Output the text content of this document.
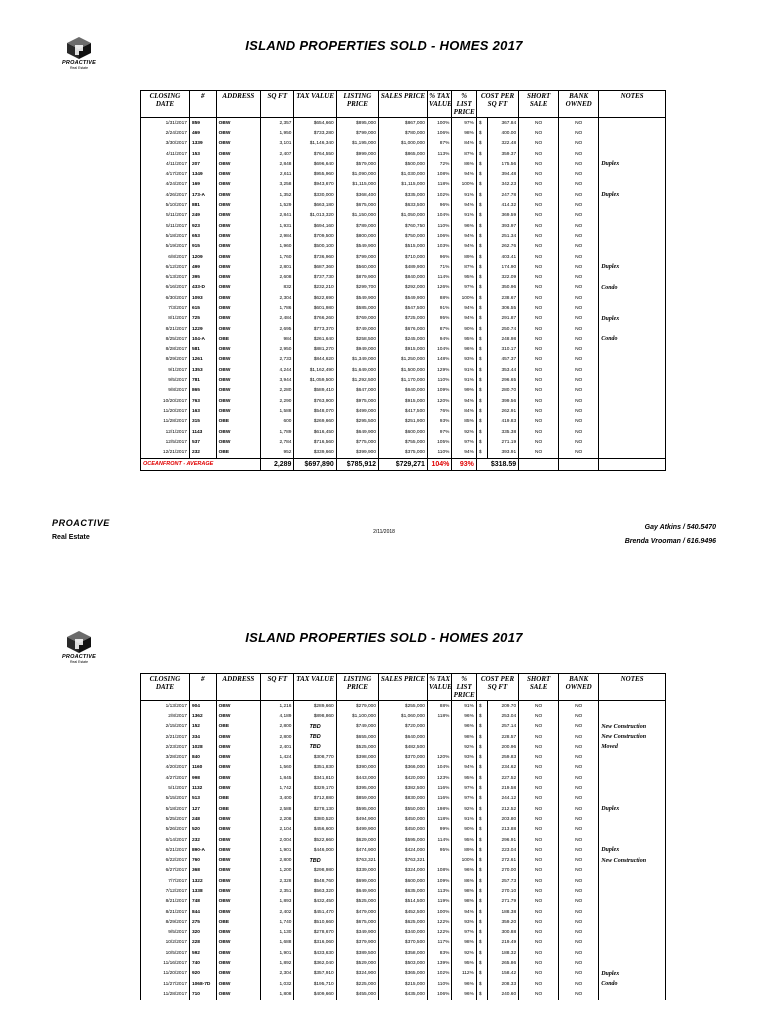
PROACTIVE
Real Estate
ISLAND PROPERTIES SOLD - HOMES 2017
CLOSING DATE	#	ADDRESS	SQ FT	TAX VALUE	LISTING PRICE	SALES PRICE	% TAX VALUE	% LIST PRICE	COST PER SQ FT		SHORT SALE	BANK OWNED	NOTES
1/31/2017	859	OBW	2,357	$654,660	$895,000	$867,000	100%	97%	$	367.84	NO	NO	
2/24/2017	469	OBW	1,950	$733,280	$799,000	$780,000	106%	98%	$	400.00	NO	NO	
3/30/2017	1339	OBW	3,101	$1,146,340	$1,195,000	$1,000,000	87%	84%	$	322.48	NO	NO	
4/11/2017	153	OBW	2,407	$764,550	$999,000	$865,000	113%	87%	$	359.37	NO	NO	
4/11/2017	207	OBW	2,848	$696,640	$579,000	$500,000	72%	86%	$	175.56	NO	NO	Duplex
4/17/2017	1349	OBW	2,611	$955,960	$1,090,000	$1,030,000	108%	94%	$	394.48	NO	NO	
4/24/2017	169	OBW	3,258	$943,670	$1,115,000	$1,115,000	118%	100%	$	342.23	NO	NO	
4/26/2017	173-A	OBW	1,352	$330,000	$368,400	$335,000	102%	91%	$	247.78	NO	NO	Duplex
5/10/2017	881	OBW	1,529	$663,180	$675,000	$633,500	96%	94%	$	414.32	NO	NO	
5/11/2017	249	OBW	2,841	$1,013,320	$1,150,000	$1,050,000	104%	91%	$	369.59	NO	NO	
5/11/2017	923	OBW	1,931	$694,160	$789,000	$760,750	110%	96%	$	393.97	NO	NO	
5/18/2017	653	OBW	2,984	$709,500	$800,000	$750,000	106%	94%	$	251.34	NO	NO	
5/19/2017	915	OBW	1,960	$500,100	$549,900	$515,000	103%	94%	$	262.76	NO	NO	
6/8/2017	1209	OBW	1,760	$736,960	$799,000	$710,000	96%	89%	$	403.41	NO	NO	
6/12/2017	499	OBW	2,801	$687,360	$560,000	$489,900	71%	87%	$	174.90	NO	NO	Duplex
6/13/2017	395	OBW	2,608	$737,730	$879,900	$840,000	114%	95%	$	322.09	NO	NO	
6/16/2017	433-D	OBW	832	$232,210	$299,700	$292,000	126%	97%	$	350.96	NO	NO	Condo
6/30/2017	1093	OBW	2,304	$622,690	$549,900	$549,900	88%	100%	$	238.67	NO	NO	
7/3/2017	615	OBW	1,786	$601,980	$585,000	$547,500	91%	94%	$	306.55	NO	NO	
8/1/2017	725	OBW	2,484	$766,260	$769,000	$725,000	95%	94%	$	291.87	NO	NO	Duplex
8/21/2017	1229	OBW	2,695	$773,370	$749,000	$676,000	87%	90%	$	250.74	NO	NO	
8/25/2017	104-A	OBE	984	$261,640	$258,500	$245,000	94%	95%	$	248.98	NO	NO	Condo
8/28/2017	581	OBW	2,950	$881,270	$949,000	$915,000	104%	96%	$	310.17	NO	NO	
8/29/2017	1261	OBW	2,733	$844,620	$1,349,000	$1,250,000	148%	93%	$	457.37	NO	NO	
9/1/2017	1353	OBW	4,244	$1,162,490	$1,649,000	$1,500,000	129%	91%	$	353.44	NO	NO	
9/5/2017	781	OBW	3,944	$1,059,500	$1,292,500	$1,170,000	110%	91%	$	296.65	NO	NO	
9/8/2017	865	OBW	2,280	$589,410	$647,000	$640,000	109%	99%	$	280.70	NO	NO	
10/20/2017	763	OBW	2,290	$763,900	$975,000	$915,000	120%	94%	$	399.56	NO	NO	
11/20/2017	163	OBW	1,588	$548,070	$499,000	$417,500	76%	84%	$	262.91	NO	NO	
11/28/2017	315	OBE	600	$269,660	$295,500	$251,900	93%	85%	$	419.83	NO	NO	
12/1/2017	1143	OBW	1,789	$616,450	$649,900	$600,000	97%	92%	$	335.38	NO	NO	
12/5/2017	537	OBW	2,784	$716,560	$775,000	$755,000	105%	97%	$	271.19	NO	NO	
12/21/2017	232	OBE	952	$339,660	$399,900	$375,000	110%	94%	$	393.91	NO	NO	
OCEANFRONT - AVERAGE			2,289	$697,890	$785,912	$729,271	104%	93%	$318.59				
PROACTIVE
Real Estate
2/11/2018
Gay Atkins / 540.5470
Brenda Vrooman / 616.9496
PROACTIVE
Real Estate
ISLAND PROPERTIES SOLD - HOMES 2017
CLOSING DATE	#	ADDRESS	SQ FT	TAX VALUE	LISTING PRICE	SALES PRICE	% TAX VALUE	% LIST PRICE	COST PER SQ FT		SHORT SALE	BANK OWNED	NOTES
1/13/2017	904	OBW	1,216	$289,660	$279,000	$255,000	88%	91%	$	209.70	NO	NO	
2/8/2017	1362	OBW	4,189	$898,860	$1,100,000	$1,060,000	118%	96%	$	253.04	NO	NO	
2/15/2017	152	OBE	2,800	TBD	$749,000	$720,000		96%	$	257.14	NO	NO	New Construction
2/21/2017	334	OBW	2,800	TBD	$655,000	$640,000		98%	$	228.57	NO	NO	New Construction
2/23/2017	1028	OBW	2,401	TBD	$525,000	$482,500		92%	$	200.96	NO	NO	Moved
3/28/2017	840	OBW	1,424	$308,770	$398,000	$370,000	120%	93%	$	259.83	NO	NO	
4/20/2017	1160	OBW	1,560	$351,830	$390,000	$366,000	104%	94%	$	234.62	NO	NO	
4/27/2017	998	OBW	1,845	$341,810	$443,000	$420,000	123%	95%	$	227.52	NO	NO	
5/1/2017	1132	OBW	1,742	$329,170	$395,000	$382,500	116%	97%	$	219.58	NO	NO	
5/15/2017	513	OBE	3,400	$712,880	$859,000	$830,000	116%	97%	$	244.12	NO	NO	
5/18/2017	127	OBE	2,588	$278,130	$595,000	$550,000	198%	92%	$	212.52	NO	NO	Duplex
5/25/2017	248	OBW	2,208	$380,520	$494,900	$450,000	118%	91%	$	203.80	NO	NO	
5/26/2017	520	OBW	2,104	$456,600	$499,900	$450,000	99%	90%	$	213.88	NO	NO	
6/14/2017	232	OBW	2,004	$522,660	$629,000	$595,000	114%	95%	$	296.91	NO	NO	
6/21/2017	890-A	OBW	1,901	$446,000	$474,900	$424,000	95%	89%	$	223.04	NO	NO	Duplex
6/22/2017	760	OBW	2,800	TBD	$763,321	$763,321		100%	$	272.61	NO	NO	New Construction
6/27/2017	368	OBW	1,200	$298,980	$339,000	$324,000	108%	96%	$	270.00	NO	NO	
7/7/2017	1322	OBW	2,328	$548,760	$699,000	$600,000	109%	86%	$	257.73	NO	NO	
7/12/2017	1338	OBW	2,351	$563,320	$649,900	$635,000	113%	98%	$	270.10	NO	NO	
8/21/2017	748	OBW	1,893	$432,450	$525,000	$514,500	119%	98%	$	271.79	NO	NO	
8/21/2017	844	OBW	2,402	$451,470	$479,000	$452,500	100%	94%	$	188.38	NO	NO	
8/29/2017	275	OBE	1,740	$510,660	$675,000	$625,000	122%	93%	$	359.20	NO	NO	
9/5/2017	320	OBW	1,130	$278,670	$349,900	$340,000	122%	97%	$	300.88	NO	NO	
10/2/2017	228	OBW	1,688	$316,060	$379,900	$370,500	117%	98%	$	219.49	NO	NO	
10/5/2017	592	OBW	1,901	$433,630	$389,500	$358,000	83%	92%	$	188.32	NO	NO	
11/16/2017	740	OBW	1,892	$362,040	$529,000	$503,000	139%	95%	$	265.86	NO	NO	
11/20/2017	920	OBW	2,304	$357,910	$324,900	$365,000	102%	112%	$	158.42	NO	NO	Duplex
11/27/2017	1068-7D	OBW	1,032	$195,710	$225,000	$215,000	110%	96%	$	208.33	NO	NO	Condo
11/28/2017	710	OBW	1,808	$409,660	$455,000	$435,000	106%	96%	$	240.60	NO	NO	
